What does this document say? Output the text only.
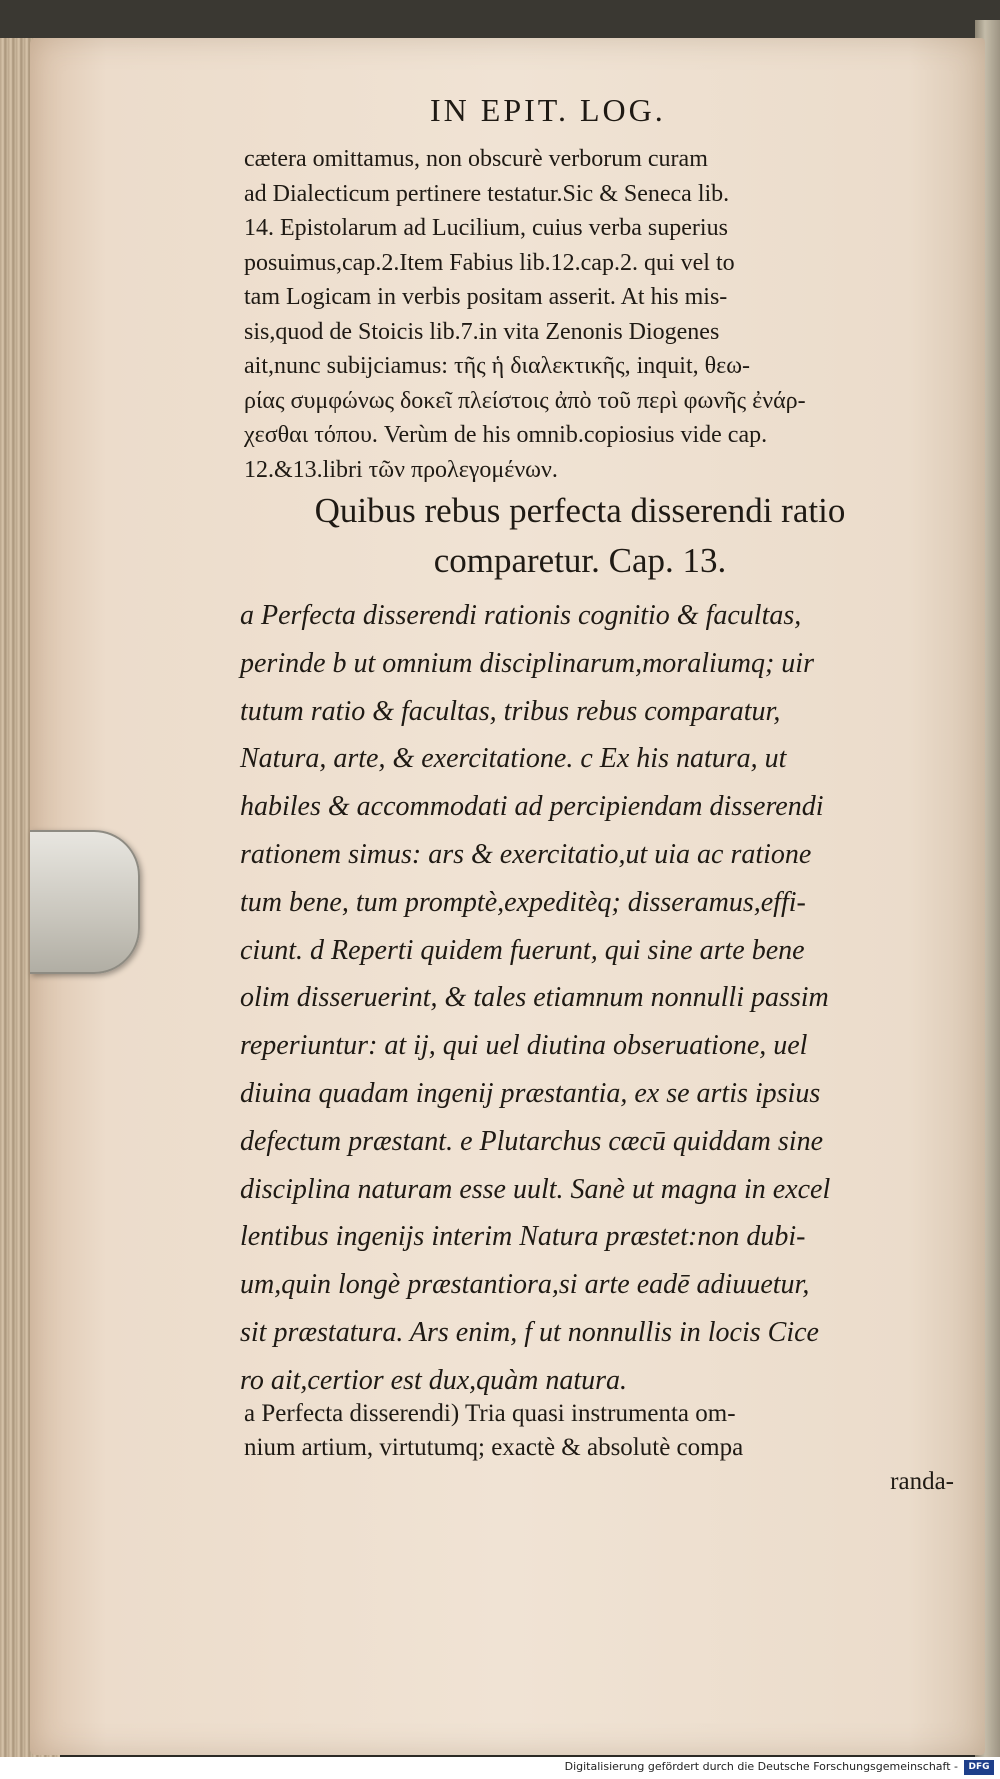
IN EPIT. LOG.
cætera omittamus, non obscurè verborum curam
ad Dialecticum pertinere testatur.Sic & Seneca lib.
14. Epistolarum ad Lucilium, cuius verba superius
posuimus,cap.2.Item Fabius lib.12.cap.2. qui vel to
tam Logicam in verbis positam asserit. At his mis-
sis,quod de Stoicis lib.7.in vita Zenonis Diogenes
ait,nunc subijciamus: τῆς ἡ διαλεκτικῆς, inquit, θεω-
ρίας συμφώνως δοκεῖ πλείστοις ἀπὸ τοῦ περὶ φωνῆς ἐνάρ-
χεσθαι τόπου. Verùm de his omnib.copiosius vide cap.
12.&13.libri τῶν προλεγομένων.
Quibus rebus perfecta disserendi ratio
comparetur. Cap. 13.
a Perfecta disserendi rationis cognitio & facultas,
perinde b ut omnium disciplinarum,moraliumq; uir
tutum ratio & facultas, tribus rebus comparatur,
Natura, arte, & exercitatione. c Ex his natura, ut
habiles & accommodati ad percipiendam disserendi
rationem simus: ars & exercitatio,ut uia ac ratione
tum bene, tum promptè,expeditèq; disseramus,effi-
ciunt. d Reperti quidem fuerunt, qui sine arte bene
olim disseruerint, & tales etiamnum nonnulli passim
reperiuntur: at ij, qui uel diutina obseruatione, uel
diuina quadam ingenij præstantia, ex se artis ipsius
defectum præstant. e Plutarchus cæcū quiddam sine
disciplina naturam esse uult. Sanè ut magna in excel
lentibus ingenijs interim Natura præstet:non dubi-
um,quin longè præstantiora,si arte eadē adiuuetur,
sit præstatura. Ars enim, f ut nonnullis in locis Cice
ro ait,certior est dux,quàm natura.
a Perfecta disserendi) Tria quasi instrumenta om-
nium artium, virtutumq; exactè & absolutè compa
randa-
Digitalisierung gefördert durch die Deutsche Forschungsgemeinschaft -	DFG
